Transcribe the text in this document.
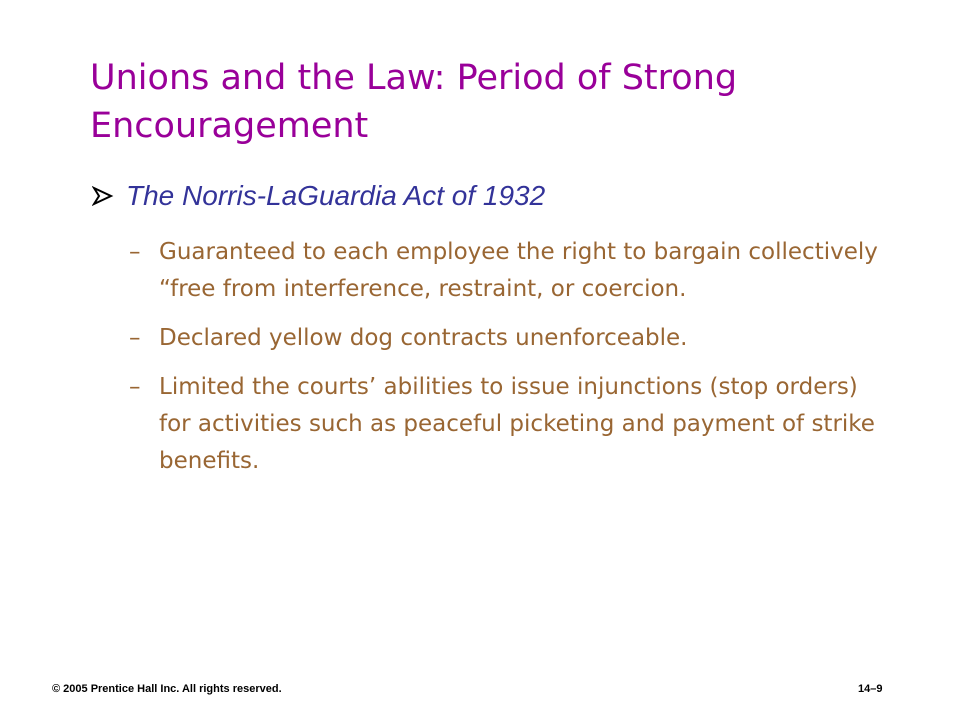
Unions and the Law: Period of Strong Encouragement
The Norris-LaGuardia Act of 1932
– Guaranteed to each employee the right to bargain collectively “free from interference, restraint, or coercion.
– Declared yellow dog contracts unenforceable.
– Limited the courts’ abilities to issue injunctions (stop orders) for activities such as peaceful picketing and payment of strike benefits.
© 2005 Prentice Hall Inc. All rights reserved.	14–9
